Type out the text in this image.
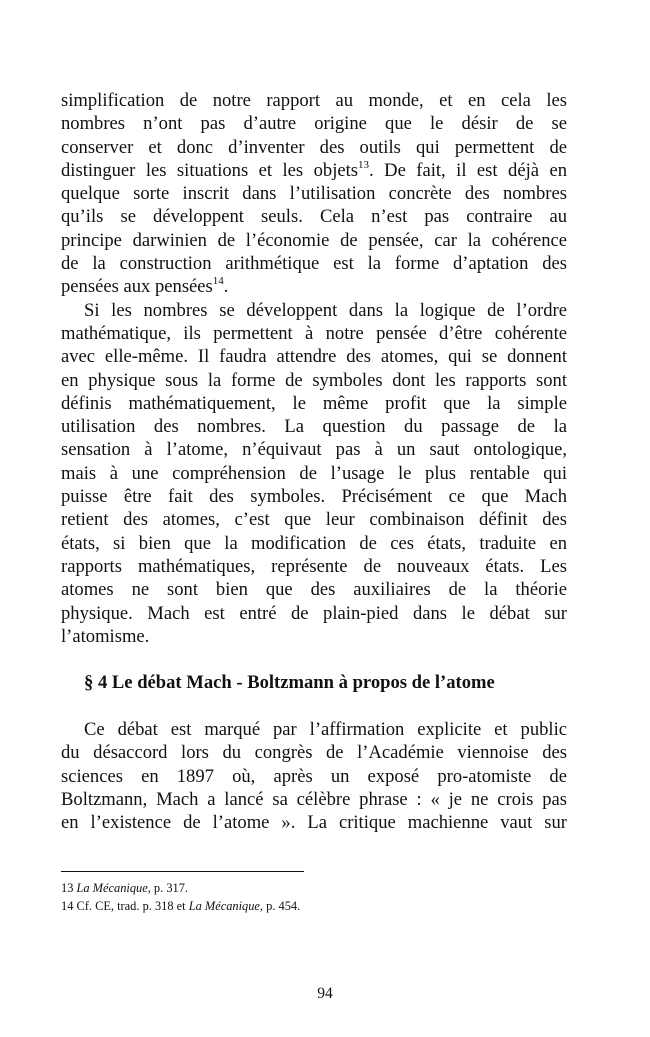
simplification de notre rapport au monde, et en cela les
nombres n’ont pas d’autre origine que le désir de se
conserver et donc d’inventer des outils qui permettent de
distinguer les situations et les objets$^{13}$. De fait, il est déjà en
quelque sorte inscrit dans l’utilisation concrète des nombres
qu’ils se développent seuls. Cela n’est pas contraire au
principe darwinien de l’économie de pensée, car la cohérence
de la construction arithmétique est la forme d’aptation des
pensées aux pensées$^{14}$.
Si les nombres se développent dans la logique de l’ordre
mathématique, ils permettent à notre pensée d’être cohérente
avec elle-même. Il faudra attendre des atomes, qui se donnent
en physique sous la forme de symboles dont les rapports sont
définis mathématiquement, le même profit que la simple
utilisation des nombres. La question du passage de la
sensation à l’atome, n’équivaut pas à un saut ontologique,
mais à une compréhension de l’usage le plus rentable qui
puisse être fait des symboles. Précisément ce que Mach
retient des atomes, c’est que leur combinaison définit des
états, si bien que la modification de ces états, traduite en
rapports mathématiques, représente de nouveaux états. Les
atomes ne sont bien que des auxiliaires de la théorie
physique. Mach est entré de plain-pied dans le débat sur
l’atomisme.
§ 4 Le débat Mach - Boltzmann à propos de l’atome
Ce débat est marqué par l’affirmation explicite et public
du désaccord lors du congrès de l’Académie viennoise des
sciences en 1897 où, après un exposé pro-atomiste de
Boltzmann, Mach a lancé sa célèbre phrase : « je ne crois pas
en l’existence de l’atome ». La critique machienne vaut sur
13 La Mécanique, p. 317.
14 Cf. CE, trad. p. 318 et La Mécanique, p. 454.
94
